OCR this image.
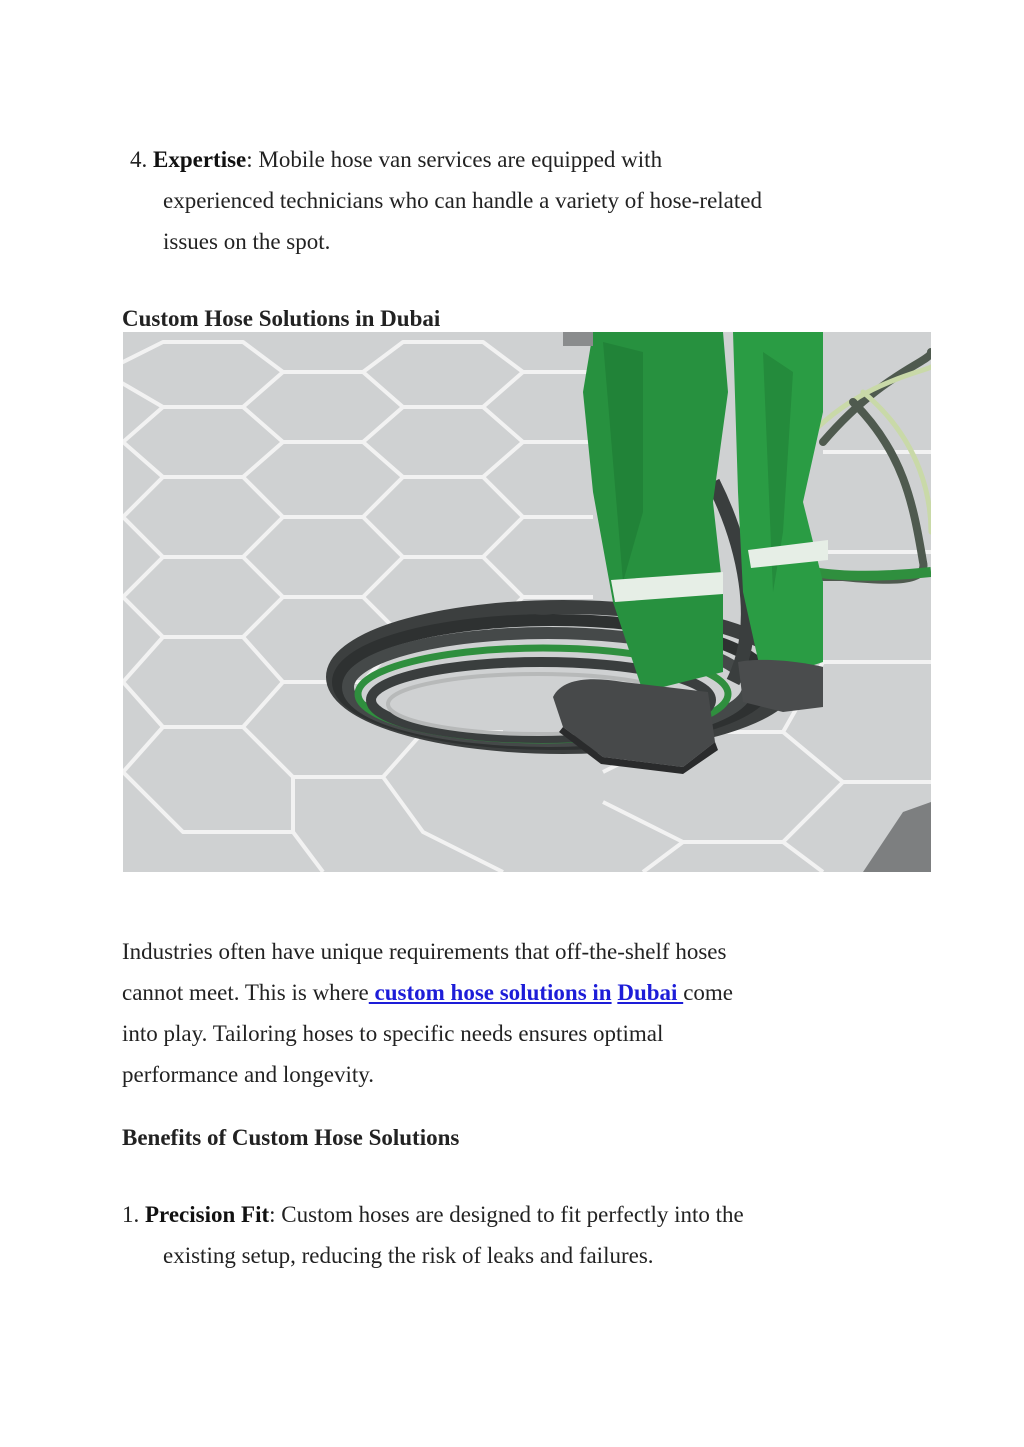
4. Expertise: Mobile hose van services are equipped with
experienced technicians who can handle a variety of hose-related
issues on the spot.
Custom Hose Solutions in Dubai
Industries often have unique requirements that off-the-shelf hoses
cannot meet. This is where custom hose solutions in Dubai come
into play. Tailoring hoses to specific needs ensures optimal
performance and longevity.
Benefits of Custom Hose Solutions
1. Precision Fit: Custom hoses are designed to fit perfectly into the
existing setup, reducing the risk of leaks and failures.
